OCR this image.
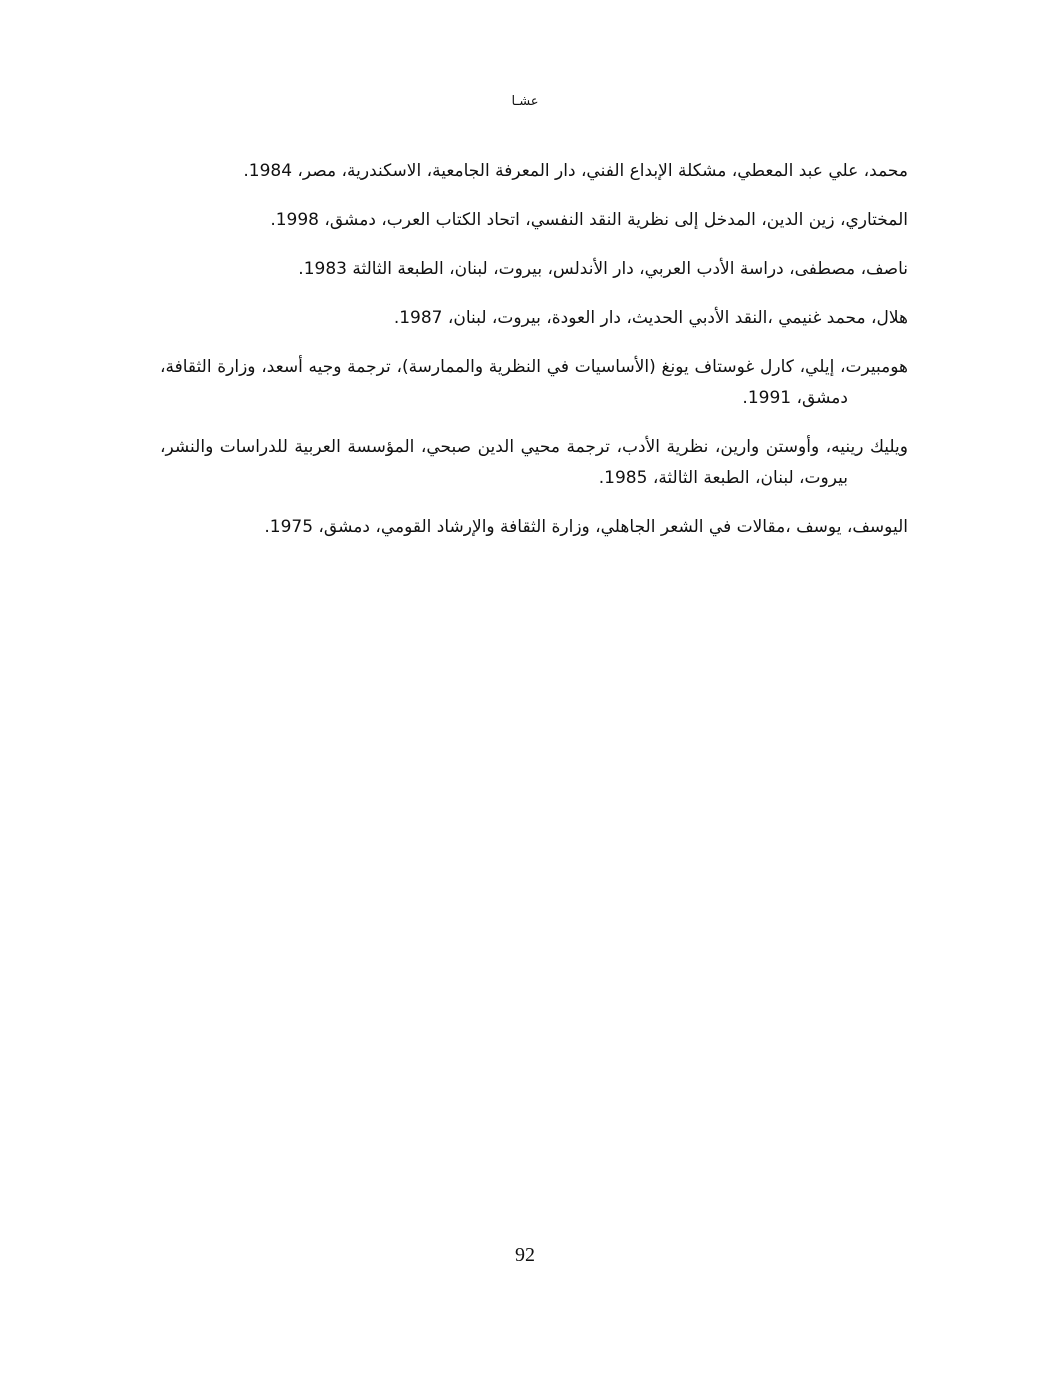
عشـا

محمد، علي عبد المعطي، مشكلة الإبداع الفني، دار المعرفة الجامعية، الاسكندرية، مصر، 1984.

المختاري، زين الدين، المدخل إلى نظرية النقد النفسي، اتحاد الكتاب العرب، دمشق، 1998.

ناصف، مصطفى، دراسة الأدب العربي، دار الأندلس، بيروت، لبنان، الطبعة الثالثة 1983.

هلال، محمد غنيمي ،النقد الأدبي الحديث، دار العودة، بيروت، لبنان، 1987.

هومبيرت، إيلي، كارل غوستاف يونغ (الأساسيات في النظرية والممارسة)، ترجمة وجيه أسعد، وزارة الثقافة، دمشق، 1991.

ويليك رينيه، وأوستن وارين، نظرية الأدب، ترجمة محيي الدين صبحي، المؤسسة العربية للدراسات والنشر، بيروت، لبنان، الطبعة الثالثة، 1985.

اليوسف، يوسف ،مقالات في الشعر الجاهلي، وزارة الثقافة والإرشاد القومي، دمشق، 1975.

92
